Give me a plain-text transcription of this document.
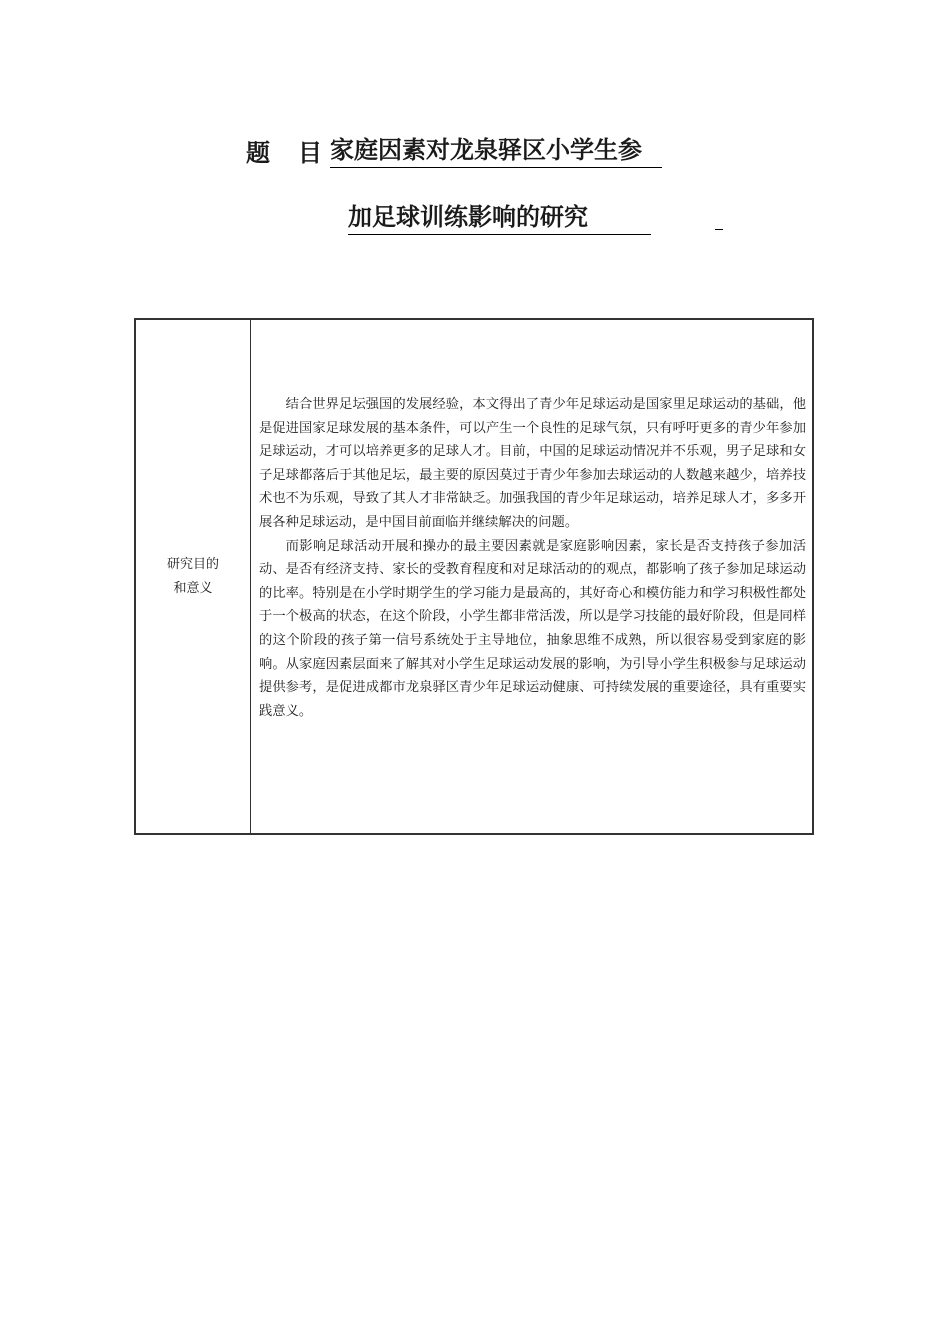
题 目 家庭因素对龙泉驿区小学生参
加足球训练影响的研究
研究目的
和意义

结合世界足坛强国的发展经验，本文得出了青少年足球运动是国家里足球运动的基础，他是促进国家足球发展的基本条件，可以产生一个良性的足球气氛，只有呼吁更多的青少年参加足球运动，才可以培养更多的足球人才。目前，中国的足球运动情况并不乐观，男子足球和女子足球都落后于其他足坛，最主要的原因莫过于青少年参加去球运动的人数越来越少，培养技术也不为乐观，导致了其人才非常缺乏。加强我国的青少年足球运动，培养足球人才，多多开展各种足球运动，是中国目前面临并继续解决的问题。

而影响足球活动开展和操办的最主要因素就是家庭影响因素，家长是否支持孩子参加活动、是否有经济支持、家长的受教育程度和对足球活动的的观点，都影响了孩子参加足球运动的比率。特别是在小学时期学生的学习能力是最高的，其好奇心和模仿能力和学习积极性都处于一个极高的状态，在这个阶段，小学生都非常活泼，所以是学习技能的最好阶段，但是同样的这个阶段的孩子第一信号系统处于主导地位，抽象思维不成熟，所以很容易受到家庭的影响。从家庭因素层面来了解其对小学生足球运动发展的影响，为引导小学生积极参与足球运动提供参考，是促进成都市龙泉驿区青少年足球运动健康、可持续发展的重要途径，具有重要实践意义。
